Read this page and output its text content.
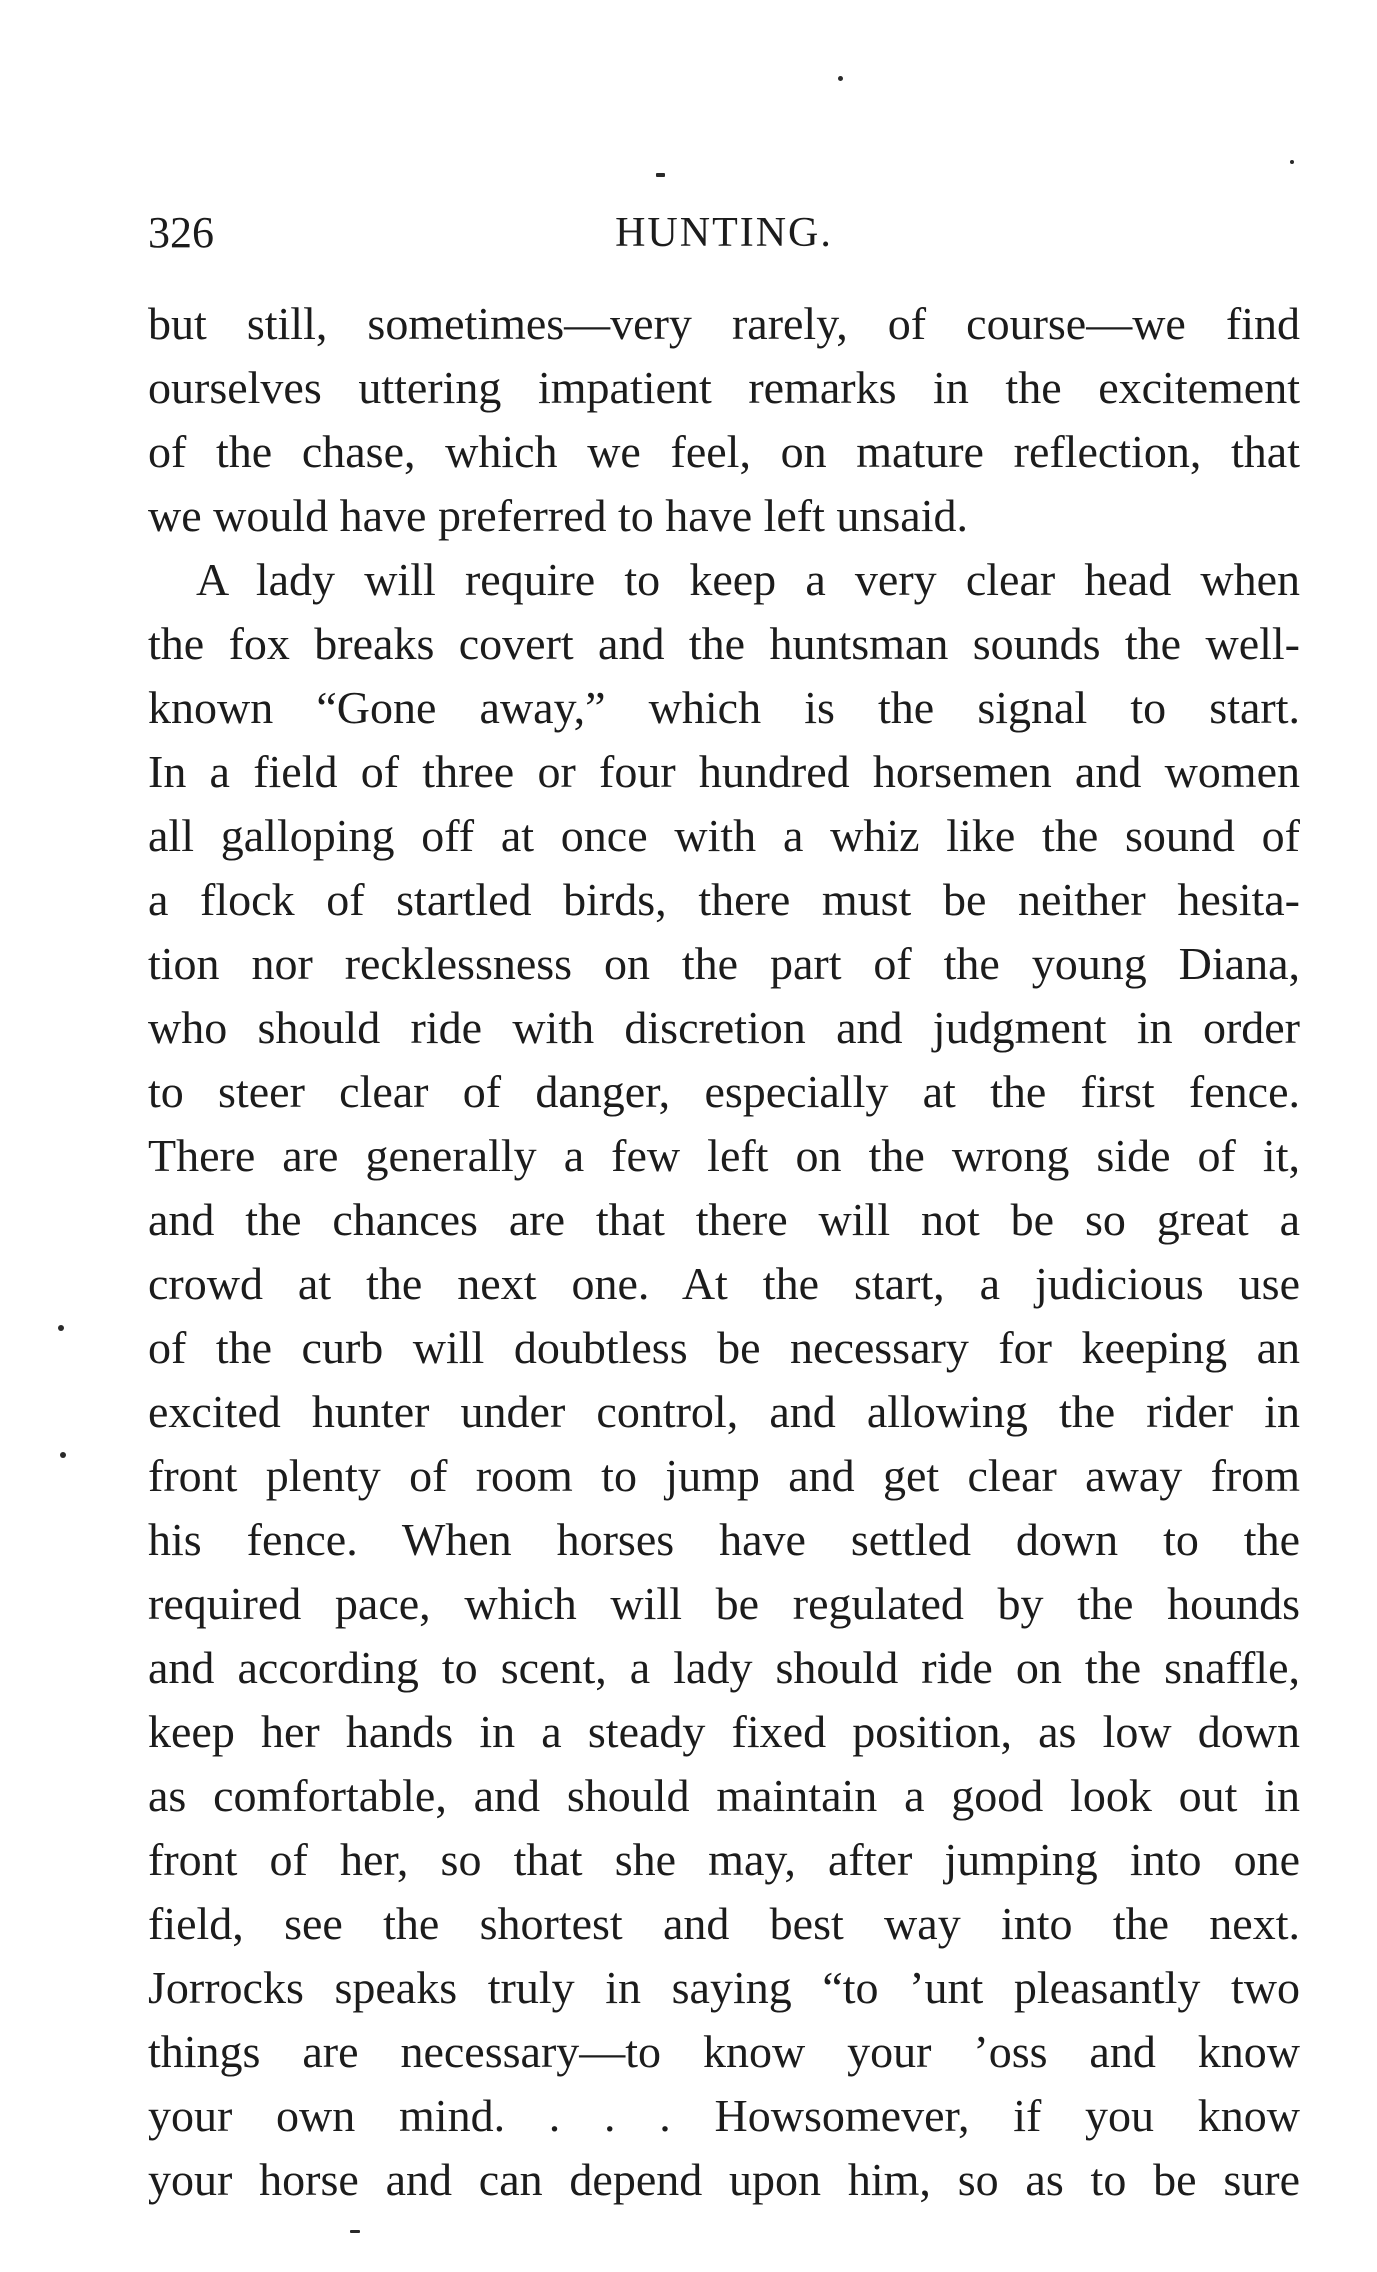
326	HUNTING.
but still, sometimes—very rarely, of course—we find
ourselves uttering impatient remarks in the excitement
of the chase, which we feel, on mature reflection, that
we would have preferred to have left unsaid.
A lady will require to keep a very clear head when
the fox breaks covert and the huntsman sounds the well-
known “Gone away,” which is the signal to start.
In a field of three or four hundred horsemen and women
all galloping off at once with a whiz like the sound of
a flock of startled birds, there must be neither hesita-
tion nor recklessness on the part of the young Diana,
who should ride with discretion and judgment in order
to steer clear of danger, especially at the first fence.
There are generally a few left on the wrong side of it,
and the chances are that there will not be so great a
crowd at the next one. At the start, a judicious use
of the curb will doubtless be necessary for keeping an
excited hunter under control, and allowing the rider in
front plenty of room to jump and get clear away from
his fence. When horses have settled down to the
required pace, which will be regulated by the hounds
and according to scent, a lady should ride on the snaffle,
keep her hands in a steady fixed position, as low down
as comfortable, and should maintain a good look out in
front of her, so that she may, after jumping into one
field, see the shortest and best way into the next.
Jorrocks speaks truly in saying “to ’unt pleasantly two
things are necessary—to know your ’oss and know
your own mind. . . . Howsomever, if you know
your horse and can depend upon him, so as to be sure
